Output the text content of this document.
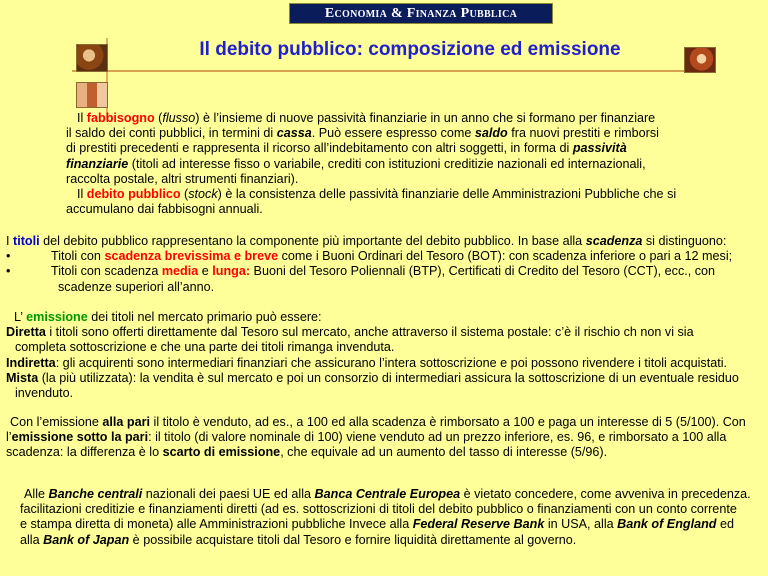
Economia & Finanza Pubblica
Il debito pubblico: composizione ed emissione

Il fabbisogno (flusso) è l’insieme di nuove passività finanziarie in un anno che si formano per finanziare

il saldo dei conti pubblici, in termini di cassa. Può essere espresso come saldo fra nuovi prestiti e rimborsi

di prestiti precedenti e rappresenta il ricorso all’indebitamento con altri soggetti, in forma di passività

finanziarie (titoli ad interesse fisso o variabile, crediti con istituzioni creditizie nazionali ed internazionali,

raccolta postale, altri strumenti finanziari).

Il debito pubblico (stock) è la consistenza delle passività finanziarie delle Amministrazioni Pubbliche che si

accumulano dai fabbisogni annuali.

I titoli del debito pubblico rappresentano la componente più importante del debito pubblico. In base alla scadenza si distinguono:

•	Titoli con scadenza brevissima e breve come i Buoni Ordinari del Tesoro (BOT): con scadenza inferiore o pari a 12 mesi;
•	Titoli con scadenza media e lunga: Buoni del Tesoro Poliennali (BTP), Certificati di Credito del Tesoro (CCT), ecc., con

scadenze superiori all’anno.

L’ emissione dei titoli nel mercato primario può essere:

Diretta i titoli sono offerti direttamente dal Tesoro sul mercato, anche attraverso il sistema postale: c’è il rischio ch non vi sia

completa sottoscrizione e che una parte dei titoli rimanga invenduta.

Indiretta: gli acquirenti sono intermediari finanziari che assicurano l’intera sottoscrizione e poi possono rivendere i titoli acquistati.

Mista (la più utilizzata): la vendita è sul mercato e poi un consorzio di intermediari assicura la sottoscrizione di un eventuale residuo

invenduto.

Con l’emissione alla pari il titolo è venduto, ad es., a 100 ed alla scadenza è rimborsato a 100 e paga un interesse di 5 (5/100). Con

l’emissione sotto la pari: il titolo (di valore nominale di 100) viene venduto ad un prezzo inferiore, es. 96, e rimborsato a 100 alla

scadenza: la differenza è lo scarto di emissione, che equivale ad un aumento del tasso di interesse (5/96).

Alle Banche centrali nazionali dei paesi UE ed alla Banca Centrale Europea è vietato concedere, come avveniva in precedenza.

facilitazioni creditizie e finanziamenti diretti (ad es. sottoscrizioni di titoli del debito pubblico o finanziamenti con un conto corrente

e stampa diretta di moneta) alle Amministrazioni pubbliche Invece alla Federal Reserve Bank in USA, alla Bank of England ed

alla Bank of Japan è possibile acquistare titoli dal Tesoro e fornire liquidità direttamente al governo.
